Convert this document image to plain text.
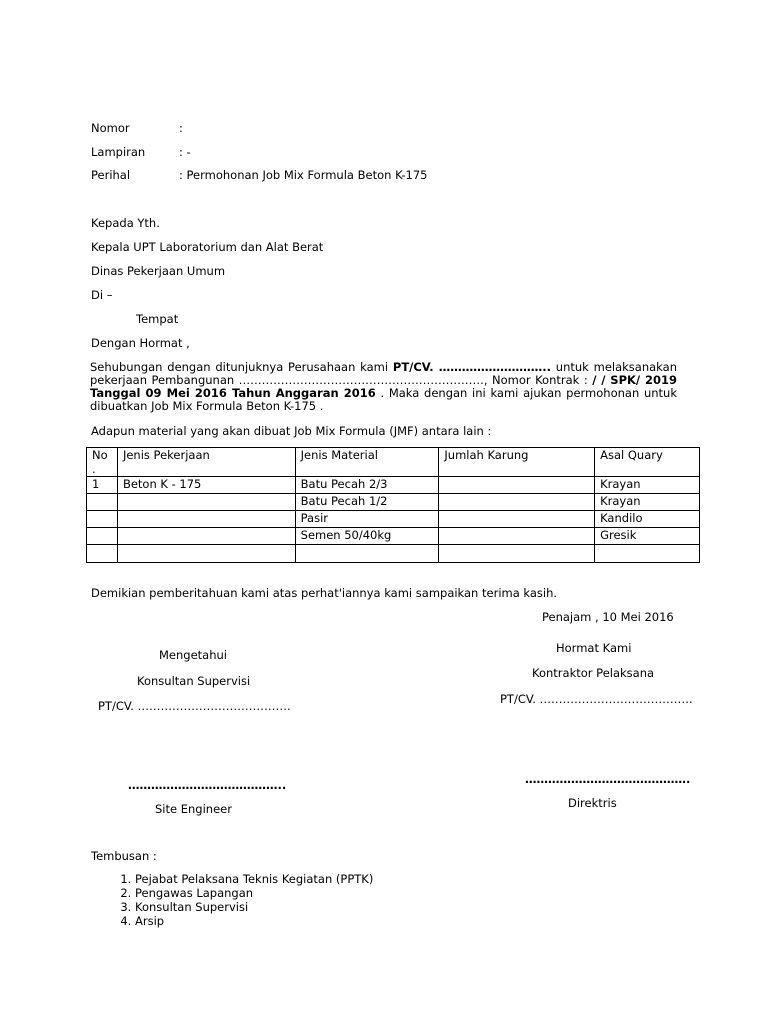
Nomor	:
Lampiran	: -
Perihal	: Permohonan Job Mix Formula Beton K-175
Kepada Yth.
Kepala UPT Laboratorium dan Alat Berat
Dinas Pekerjaan Umum
Di –
Tempat
Dengan Hormat ,
Sehubungan dengan ditunjuknya Perusahaan kami PT/CV. ……………………….. untuk melaksanakan pekerjaan Pembangunan ………………………………………………………., Nomor Kontrak : / / SPK/ 2019 Tanggal 09 Mei 2016 Tahun Anggaran 2016 . Maka dengan ini kami ajukan permohonan untuk dibuatkan Job Mix Formula Beton K-175 .
Adapun material yang akan dibuat Job Mix Formula (JMF) antara lain :
No .	Jenis Pekerjaan	Jenis Material	Jumlah Karung	Asal Quary
1	Beton K - 175	Batu Pecah 2/3		Krayan
		Batu Pecah 1/2		Krayan
		Pasir		Kandilo
		Semen 50/40kg		Gresik

Demikian pemberitahuan kami atas perhat'iannya kami sampaikan terima kasih.
Penajam , 10 Mei 2016
Mengetahui
Konsultan Supervisi
PT/CV. ………………………………….
…………………………………..
Site Engineer
Hormat Kami
Kontraktor Pelaksana
PT/CV. ………………………………….
…………………………………….
Direktris
Tembusan :
1. Pejabat Pelaksana Teknis Kegiatan (PPTK)
2. Pengawas Lapangan
3. Konsultan Supervisi
4. Arsip
